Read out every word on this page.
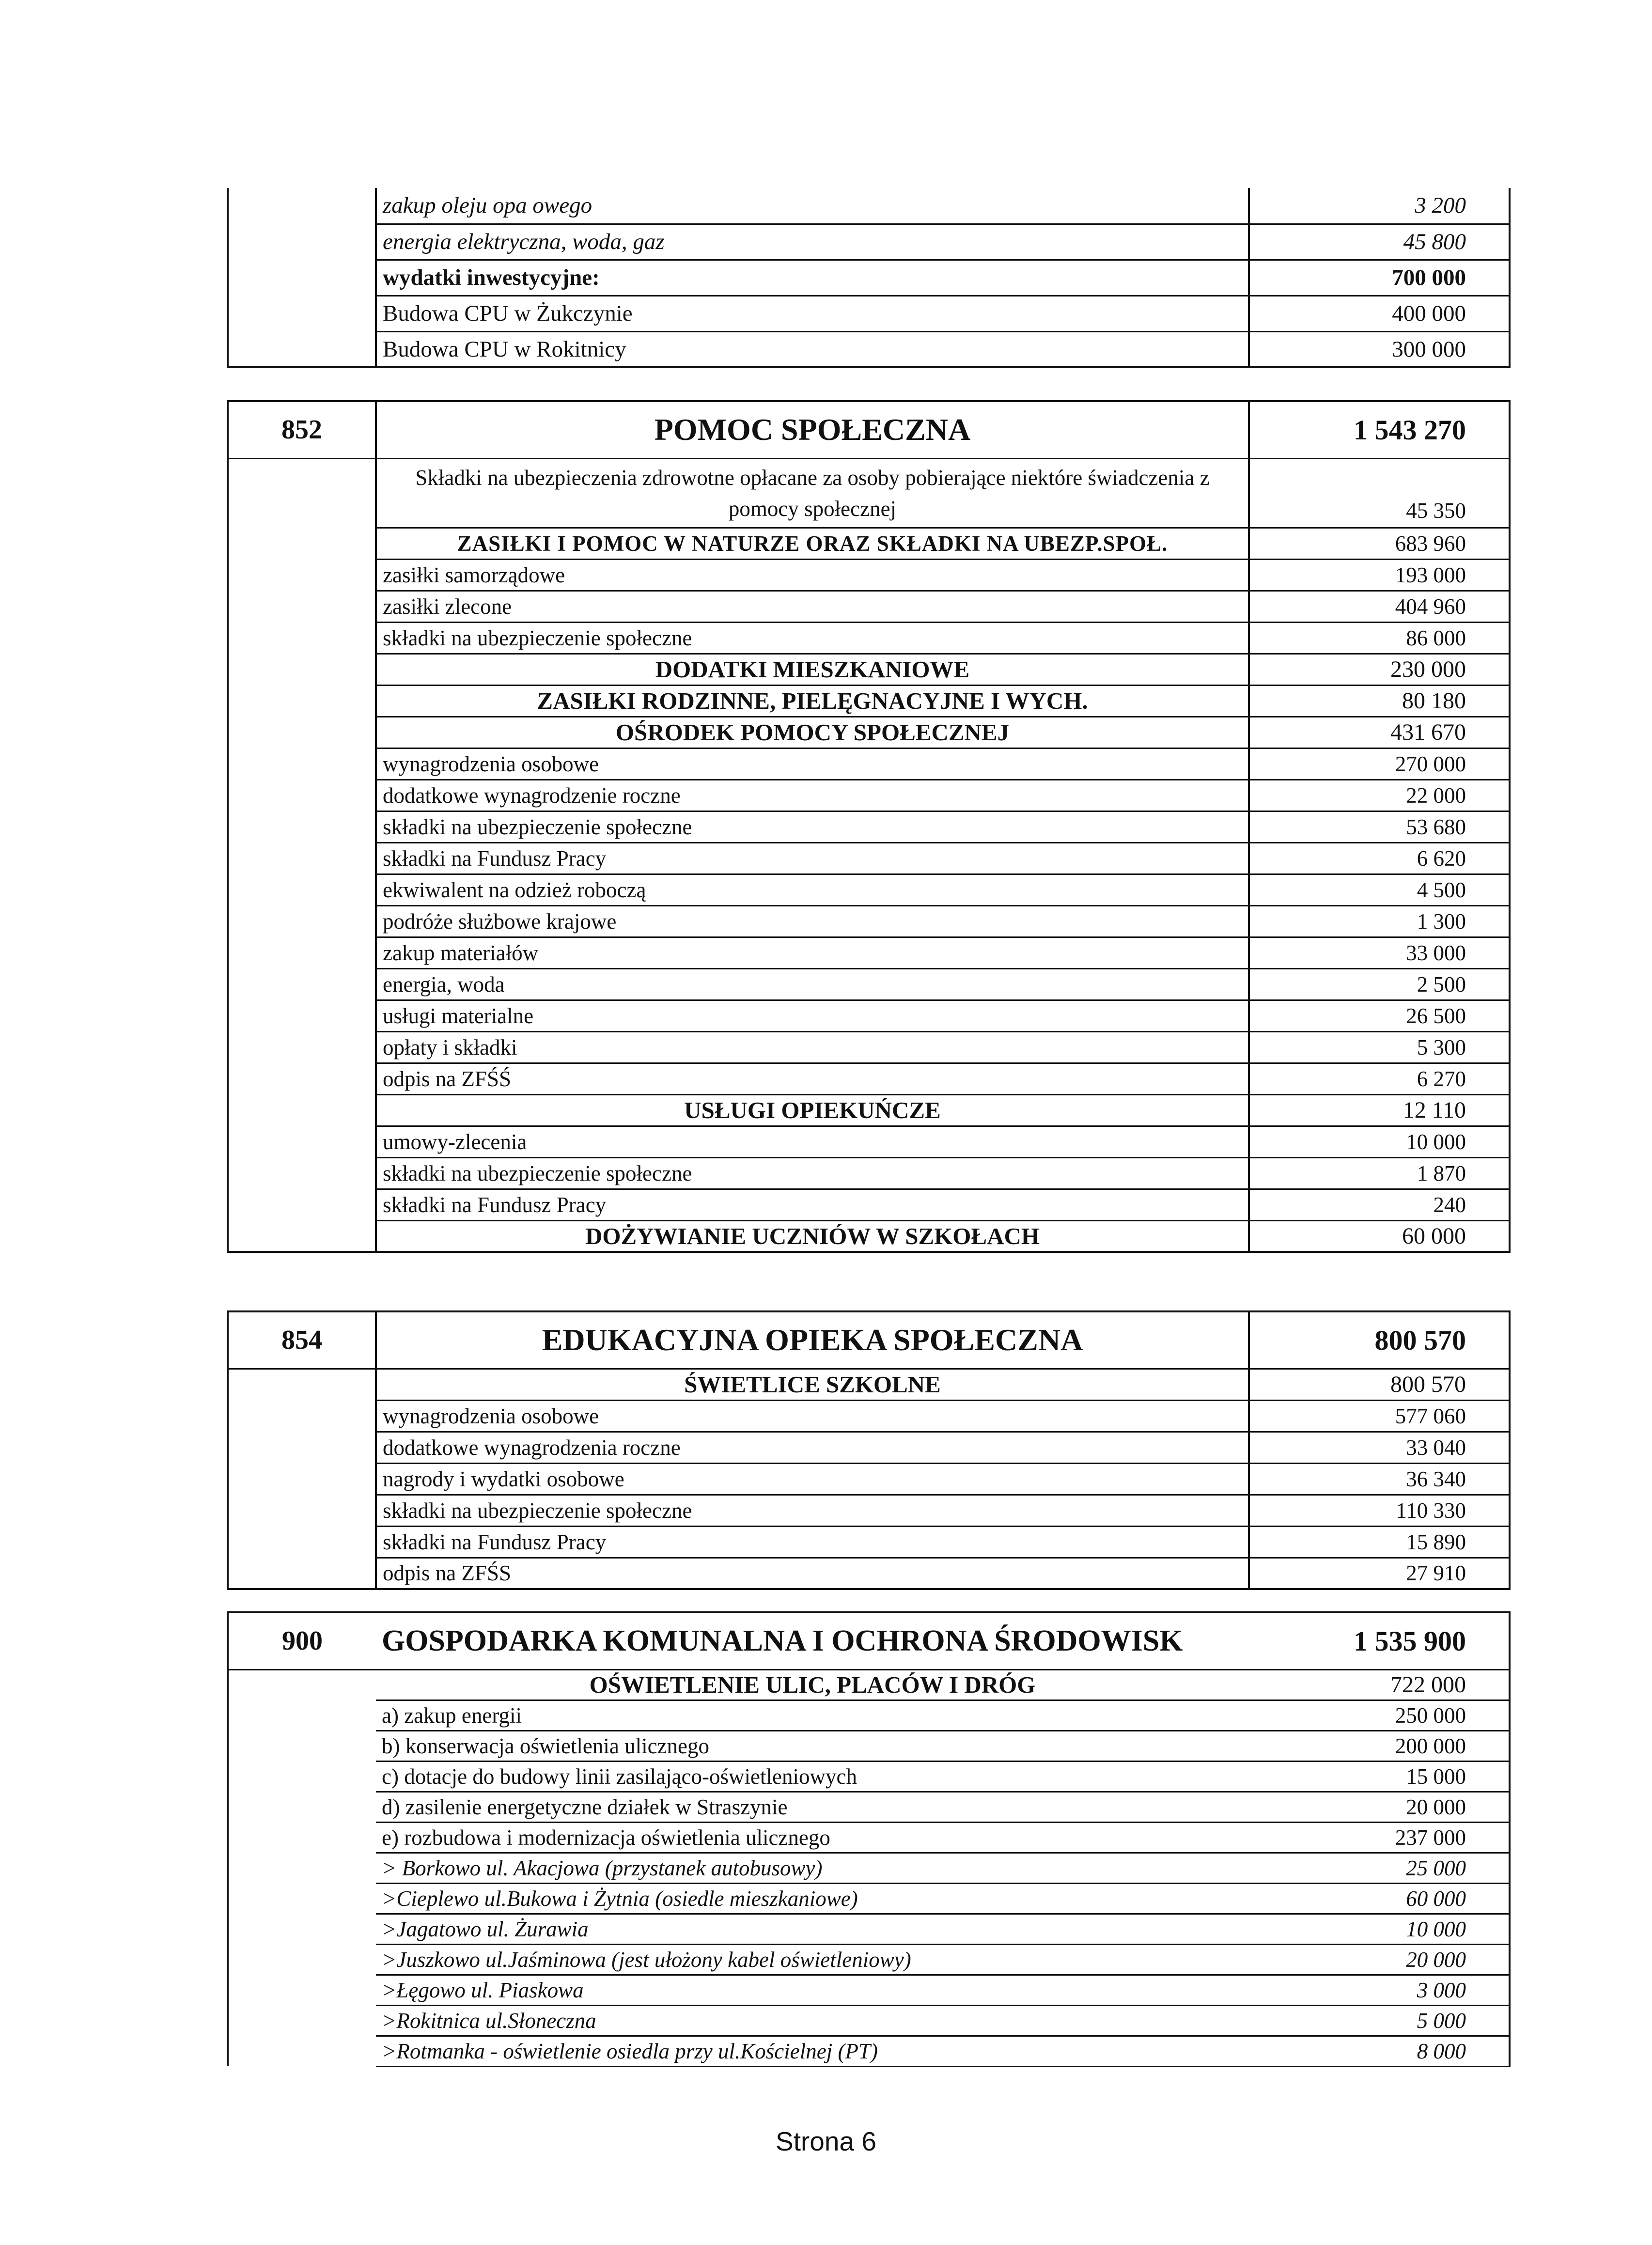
	zakup oleju opa owego	3 200
	energia elektryczna, woda, gaz	45 800
	wydatki inwestycyjne:	700 000
	Budowa CPU w Żukczynie	400 000
	Budowa CPU w Rokitnicy	300 000
852	POMOC SPOŁECZNA	1 543 270
	Składki na ubezpieczenia zdrowotne opłacane za osoby pobierające niektóre świadczenia z pomocy społecznej	45 350
	ZASIŁKI I POMOC W NATURZE ORAZ SKŁADKI NA UBEZP.SPOŁ.	683 960
	zasiłki samorządowe	193 000
	zasiłki zlecone	404 960
	składki na ubezpieczenie społeczne	86 000
	DODATKI MIESZKANIOWE	230 000
	ZASIŁKI RODZINNE, PIELĘGNACYJNE I WYCH.	80 180
	OŚRODEK POMOCY SPOŁECZNEJ	431 670
	wynagrodzenia osobowe	270 000
	dodatkowe wynagrodzenie roczne	22 000
	składki na ubezpieczenie społeczne	53 680
	składki na Fundusz Pracy	6 620
	ekwiwalent na odzież roboczą	4 500
	podróże służbowe krajowe	1 300
	zakup materiałów	33 000
	energia, woda	2 500
	usługi materialne	26 500
	opłaty i składki	5 300
	odpis na ZFŚŚ	6 270
	USŁUGI OPIEKUŃCZE	12 110
	umowy-zlecenia	10 000
	składki na ubezpieczenie społeczne	1 870
	składki na Fundusz Pracy	240
	DOŻYWIANIE UCZNIÓW W SZKOŁACH	60 000
854	EDUKACYJNA OPIEKA SPOŁECZNA	800 570
	ŚWIETLICE SZKOLNE	800 570
	wynagrodzenia osobowe	577 060
	dodatkowe wynagrodzenia roczne	33 040
	nagrody i wydatki osobowe	36 340
	składki na ubezpieczenie społeczne	110 330
	składki na Fundusz Pracy	15 890
	odpis na ZFŚS	27 910
900	GOSPODARKA KOMUNALNA I OCHRONA ŚRODOWISK	1 535 900
	OŚWIETLENIE ULIC, PLACÓW I DRÓG	722 000
	a) zakup energii	250 000
	b) konserwacja oświetlenia ulicznego	200 000
	c) dotacje do budowy linii zasilająco-oświetleniowych	15 000
	d) zasilenie energetyczne działek w Straszynie	20 000
	e) rozbudowa i modernizacja oświetlenia ulicznego	237 000
	> Borkowo ul. Akacjowa (przystanek autobusowy)	25 000
	>Cieplewo ul.Bukowa i Żytnia (osiedle mieszkaniowe)	60 000
	>Jagatowo ul. Żurawia	10 000
	>Juszkowo ul.Jaśminowa (jest ułożony kabel oświetleniowy)	20 000
	>Łęgowo ul. Piaskowa	3 000
	>Rokitnica ul.Słoneczna	5 000
	>Rotmanka - oświetlenie osiedla przy ul.Kościelnej (PT)	8 000
Strona 6
